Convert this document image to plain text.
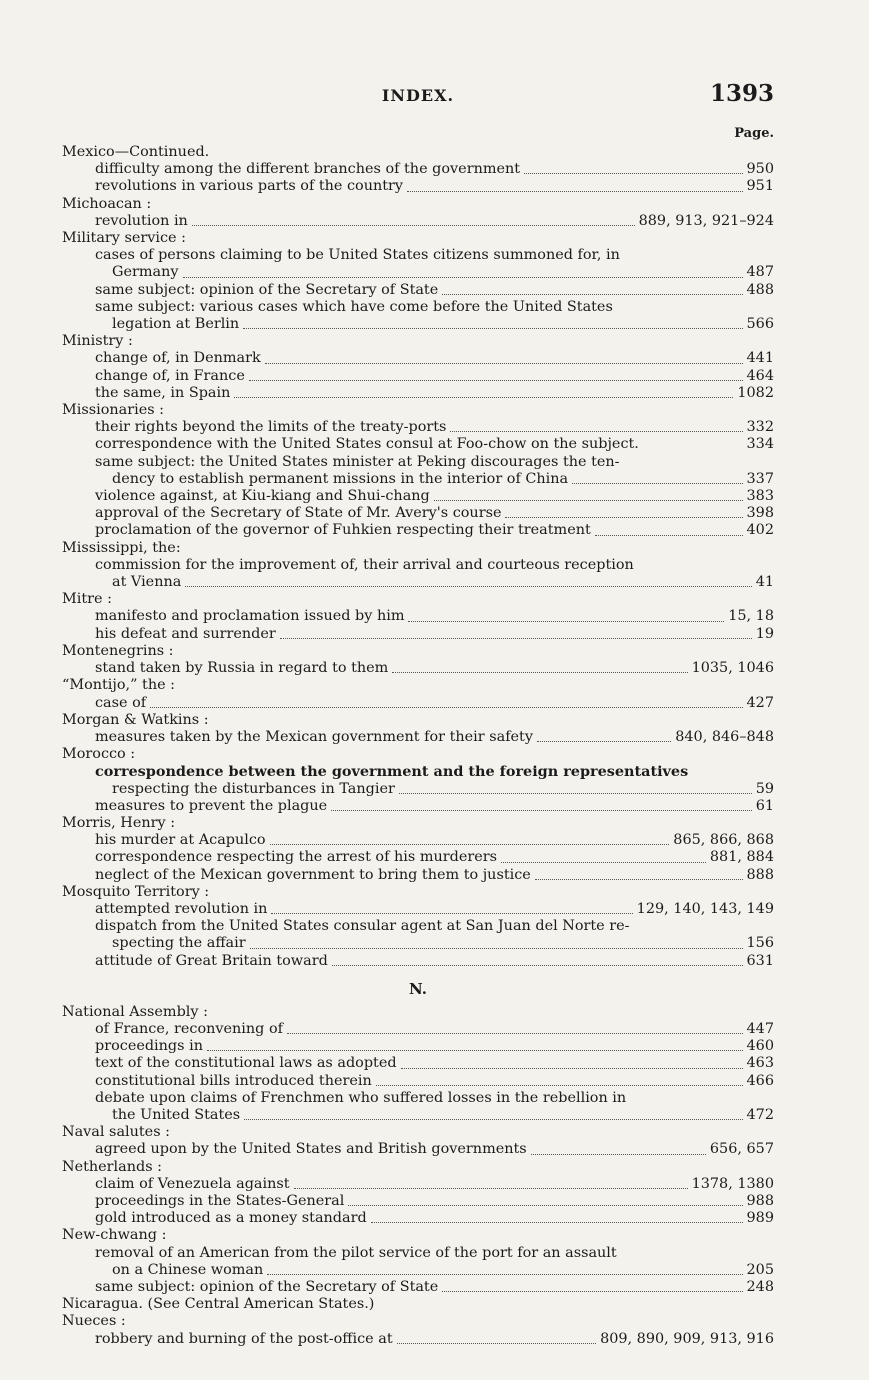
INDEX.	1393
Page.
Mexico—Continued.
difficulty among the different branches of the government	950
revolutions in various parts of the country	951
Michoacan :
revolution in	889, 913, 921–924
Military service :
cases of persons claiming to be United States citizens summoned for, in
Germany	487
same subject: opinion of the Secretary of State	488
same subject: various cases which have come before the United States
legation at Berlin	566
Ministry :
change of, in Denmark	441
change of, in France	464
the same, in Spain	1082
Missionaries :
their rights beyond the limits of the treaty-ports	332
correspondence with the United States consul at Foo-chow on the subject.	334
same subject: the United States minister at Peking discourages the ten-
dency to establish permanent missions in the interior of China	337
violence against, at Kiu-kiang and Shui-chang	383
approval of the Secretary of State of Mr. Avery's course	398
proclamation of the governor of Fuhkien respecting their treatment	402
Mississippi, the:
commission for the improvement of, their arrival and courteous reception
at Vienna	41
Mitre :
manifesto and proclamation issued by him	15, 18
his defeat and surrender	19
Montenegrins :
stand taken by Russia in regard to them	1035, 1046
“Montijo,” the :
case of	427
Morgan & Watkins :
measures taken by the Mexican government for their safety	840, 846–848
Morocco :
correspondence between the government and the foreign representatives
respecting the disturbances in Tangier	59
measures to prevent the plague	61
Morris, Henry :
his murder at Acapulco	865, 866, 868
correspondence respecting the arrest of his murderers	881, 884
neglect of the Mexican government to bring them to justice	888
Mosquito Territory :
attempted revolution in	129, 140, 143, 149
dispatch from the United States consular agent at San Juan del Norte re-
specting the affair	156
attitude of Great Britain toward	631
N.
National Assembly :
of France, reconvening of	447
proceedings in	460
text of the constitutional laws as adopted	463
constitutional bills introduced therein	466
debate upon claims of Frenchmen who suffered losses in the rebellion in
the United States	472
Naval salutes :
agreed upon by the United States and British governments	656, 657
Netherlands :
claim of Venezuela against	1378, 1380
proceedings in the States-General	988
gold introduced as a money standard	989
New-chwang :
removal of an American from the pilot service of the port for an assault
on a Chinese woman	205
same subject: opinion of the Secretary of State	248
Nicaragua. (See Central American States.)
Nueces :
robbery and burning of the post-office at	809, 890, 909, 913, 916
